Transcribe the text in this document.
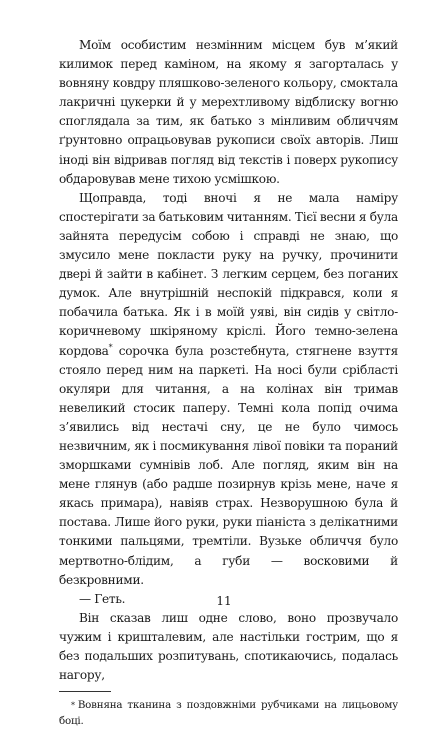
Моїм особистим незмінним місцем був м’який килимок перед каміном, на якому я загорталась у вовняну ковдру пляшково-зеленого кольору, смоктала лакричні цукерки й у мерехтливому відблиску вогню споглядала за тим, як батько з мінливим обличчям ґрунтовно опрацьовував рукописи своїх авторів. Лиш іноді він відривав погляд від текстів і поверх рукопису обдаровував мене тихою усмішкою.

Щоправда, тоді вночі я не мала наміру спостерігати за батьковим читанням. Тієї весни я була зайнята передусім собою і справді не знаю, що змусило мене покласти руку на ручку, прочинити двері й зайти в кабінет. З легким серцем, без поганих думок. Але внутрішній неспокій підкрався, коли я побачила батька. Як і в моїй уяві, він сидів у світло-коричневому шкіряному кріслі. Його темно-зелена кордова* сорочка була розстебнута, стягнене взуття стояло перед ним на паркеті. На носі були срібласті окуляри для читання, а на колінах він тримав невеликий стосик паперу. Темні кола попід очима з’явились від нестачі сну, це не було чимось незвичним, як і посмикування лівої повіки та пораний зморшками сумнівів лоб. Але погляд, яким він на мене глянув (або радше позирнув крізь мене, наче я якась примара), навіяв страх. Незворушною була й постава. Лише його руки, руки піаніста з делікатними тонкими пальцями, тремтіли. Вузьке обличчя було мертвотно-блідим, а губи — восковими й безкровними.

— Геть.

Він сказав лиш одне слово, воно прозвучало чужим і кришталевим, але настільки гострим, що я без подальших розпитувань, спотикаючись, подалась нагору,

* Вовняна тканина з поздовжніми рубчиками на лицьовому боці.

11
